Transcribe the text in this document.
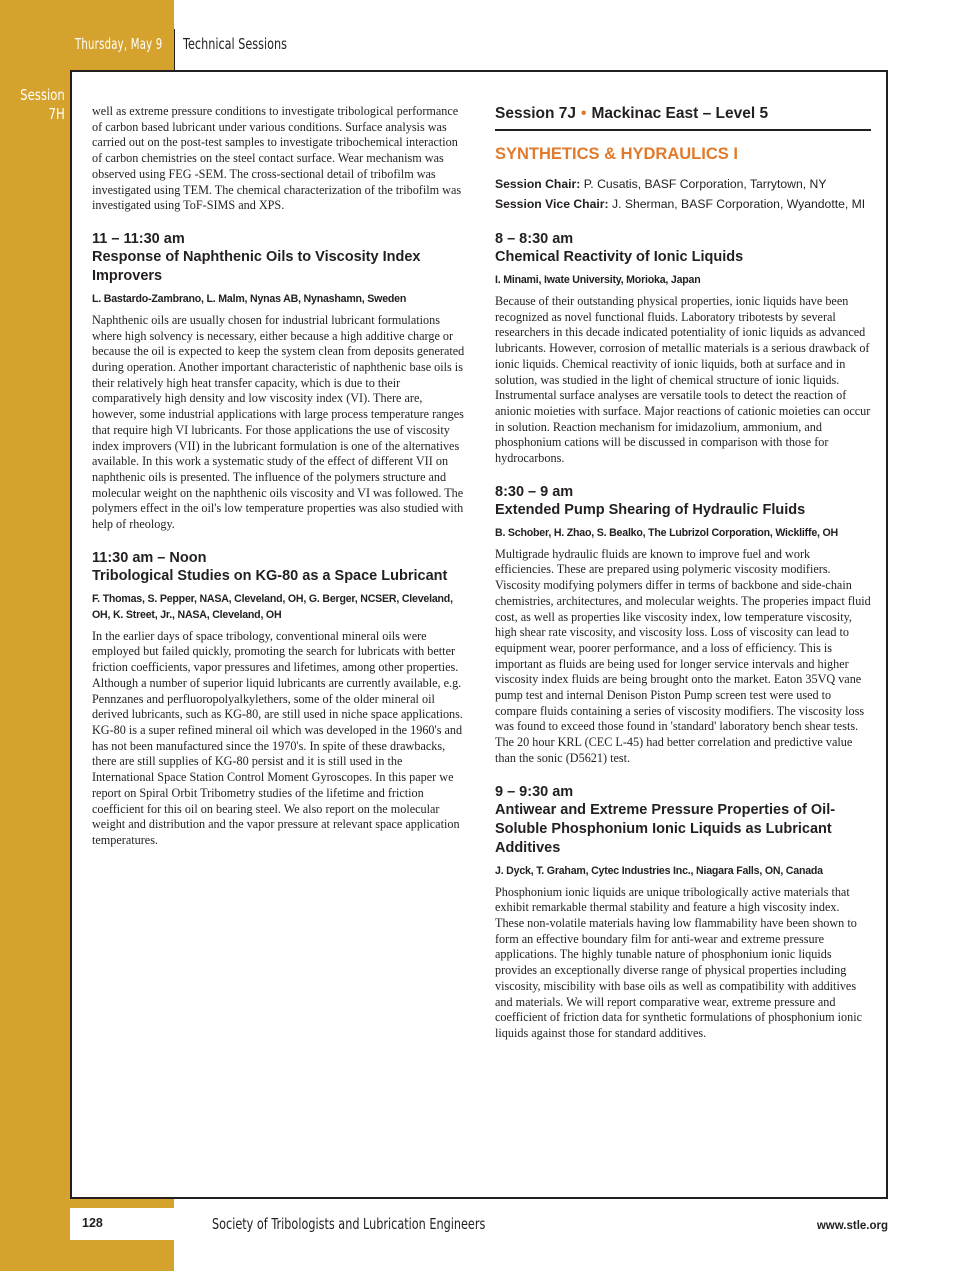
Thursday, May 9 Technical Sessions
Session
7H well as extreme pressure conditions to investigate tribological performance of carbon based lubricant under various conditions. Surface analysis was carried out on the post-test samples to investigate tribochemical interaction of carbon chemistries on the steel contact surface. Wear mechanism was observed using FEG -SEM. The cross-sectional detail of tribofilm was investigated using TEM. The chemical characterization of the tribofilm was investigated using ToF-SIMS and XPS.

11 – 11:30 am
Response of Naphthenic Oils to Viscosity Index Improvers
L. Bastardo-Zambrano, L. Malm, Nynas AB, Nynashamn, Sweden

Naphthenic oils are usually chosen for industrial lubricant formulations where high solvency is necessary, either because a high additive charge or because the oil is expected to keep the system clean from deposits generated during operation. Another important characteristic of naphthenic base oils is their relatively high heat transfer capacity, which is due to their comparatively high density and low viscosity index (VI). There are, however, some industrial applications with large process temperature ranges that require high VI lubricants. For those applications the use of viscosity index improvers (VII) in the lubricant formulation is one of the alternatives available. In this work a systematic study of the effect of different VII on naphthenic oils is presented. The influence of the polymers structure and molecular weight on the naphthenic oils viscosity and VI was followed. The polymers effect in the oil's low temperature properties was also studied with help of rheology.

11:30 am – Noon
Tribological Studies on KG-80 as a Space Lubricant
F. Thomas, S. Pepper, NASA, Cleveland, OH, G. Berger, NCSER, Cleveland, OH, K. Street, Jr., NASA, Cleveland, OH

In the earlier days of space tribology, conventional mineral oils were employed but failed quickly, promoting the search for lubricats with better friction coefficients, vapor pressures and lifetimes, among other properties. Although a number of superior liquid lubricants are currently available, e.g. Pennzanes and perfluoropolyalkylethers, some of the older mineral oil derived lubricants, such as KG-80, are still used in niche space applications. KG-80 is a super refined mineral oil which was developed in the 1960's and has not been manufactured since the 1970's. In spite of these drawbacks, there are still supplies of KG-80 persist and it is still used in the International Space Station Control Moment Gyroscopes. In this paper we report on Spiral Orbit Tribometry studies of the lifetime and friction coefficient for this oil on bearing steel. We also report on the molecular weight and distribution and the vapor pressure at relevant space application temperatures.

Session 7J • Mackinac East – Level 5
SYNTHETICS & HYDRAULICS I
Session Chair: P. Cusatis, BASF Corporation, Tarrytown, NY
Session Vice Chair: J. Sherman, BASF Corporation, Wyandotte, MI
8 – 8:30 am
Chemical Reactivity of Ionic Liquids
I. Minami, Iwate University, Morioka, Japan

Because of their outstanding physical properties, ionic liquids have been recognized as novel functional fluids. Laboratory tribotests by several researchers in this decade indicated potentiality of ionic liquids as advanced lubricants. However, corrosion of metallic materials is a serious drawback of ionic liquids. Chemical reactivity of ionic liquids, both at surface and in solution, was studied in the light of chemical structure of ionic liquids. Instrumental surface analyses are versatile tools to detect the reaction of anionic moieties with surface. Major reactions of cationic moieties can occur in solution. Reaction mechanism for imidazolium, ammonium, and phosphonium cations will be discussed in comparison with those for hydrocarbons.

8:30 – 9 am
Extended Pump Shearing of Hydraulic Fluids
B. Schober, H. Zhao, S. Bealko, The Lubrizol Corporation, Wickliffe, OH

Multigrade hydraulic fluids are known to improve fuel and work efficiencies. These are prepared using polymeric viscosity modifiers. Viscosity modifying polymers differ in terms of backbone and side-chain chemistries, architectures, and molecular weights. The properies impact fluid cost, as well as properties like viscosity index, low temperature viscosity, high shear rate viscosity, and viscosity loss. Loss of viscosity can lead to equipment wear, poorer performance, and a loss of efficiency. This is important as fluids are being used for longer service intervals and higher viscosity index fluids are being brought onto the market. Eaton 35VQ vane pump test and internal Denison Piston Pump screen test were used to compare fluids containing a series of viscosity modifiers. The viscosity loss was found to exceed those found in 'standard' laboratory bench shear tests. The 20 hour KRL (CEC L-45) had better correlation and predictive value than the sonic (D5621) test.

9 – 9:30 am
Antiwear and Extreme Pressure Properties of Oil-Soluble Phosphonium Ionic Liquids as Lubricant Additives
J. Dyck, T. Graham, Cytec Industries Inc., Niagara Falls, ON, Canada

Phosphonium ionic liquids are unique tribologically active materials that exhibit remarkable thermal stability and feature a high viscosity index. These non-volatile materials having low flammability have been shown to form an effective boundary film for anti-wear and extreme pressure applications. The highly tunable nature of phosphonium ionic liquids provides an exceptionally diverse range of physical properties including viscosity, miscibility with base oils as well as compatibility with additives and materials. We will report comparative wear, extreme pressure and coefficient of friction data for synthetic formulations of phosphonium ionic liquids against those for standard additives.

128	Society of Tribologists and Lubrication Engineers	www.stle.org
